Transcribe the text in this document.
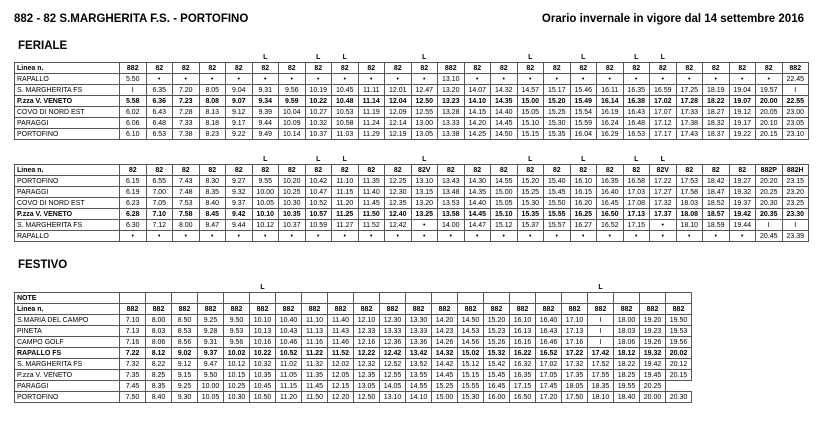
882 - 82 S.MARGHERITA F.S. - PORTOFINO	Orario invernale in vigore dal 14 settembre 2016
FERIALE
						L		L	L			L				L		L		L	L					
Linea n.	882	82	82	82	82	82	82	82	82	82	82	82	882	82	82	82	82	82	82	82	82	82	82	82	82	882
RAPALLO	5.50	•	•	•	•	•	•	•	•	•	•	•	13.10	•	•	•	•	•	•	•	•	•	•	•	•	22.45
S. MARGHERITA FS	I	6.35	7.20	8.05	9.04	9.31	9.56	10.19	10.45	11.11	12.01	12.47	13.20	14.07	14.32	14.57	15.17	15.46	16.11	16.35	16.59	17.25	18.19	19.04	19.57	I
P.zza V. VENETO	5.58	6.36	7.23	8.08	9.07	9.34	9.59	10.22	10.48	11.14	12.04	12.50	13.23	14.10	14.35	15.00	15.20	15.49	16.14	16.38	17.02	17.28	18.22	19.07	20.00	22.55
COVO DI NORD EST	6.02	6.43	7.28	8.13	9.12	9.39	10.04	10.27	10.53	11.19	12.09	12.55	13.28	14.15	14.40	15.05	15.25	15.54	16.19	16.43	17.07	17.33	18.27	19.12	20.05	23.00
PARAGGI	6.06	6.48	7.33	8.18	9.17	9.44	10.09	10.32	10.58	11.24	12.14	13.00	13.33	14.20	14.45	15.10	15.30	15.59	16.24	16.48	17.12	17.38	18.32	19.17	20.10	23.05
PORTOFINO	6.10	6.53	7.38	8.23	9.22	9.49	10.14	10.37	11.03	11.29	12.19	13.05	13.38	14.25	14.50	15.15	15.35	16.04	16.29	16.53	17.17	17.43	18.37	19.22	20.15	23.10
						L		L	L			L				L		L		L	L					
Linea n.	82	82	82	82	82	82	82	82	82	82	82	82V	82	82	82	82	82	82	82	82	82V	82	82	82	882P	882H
PORTOFINO	6.15	6.55	7.43	8.30	9.27	9.55	10.20	10.42	11.10	11.35	12.25	13.10	13.43	14.30	14.55	15.20	15.40	16.10	16.35	16.58	17.22	17.53	18.42	19.27	20.20	23.15
PARAGGI	6.19	7.00	7.48	8.35	9.32	10.00	10.25	10.47	11.15	11.40	12.30	13.15	13.48	14.35	15.00	15.25	15.45	16.15	16.40	17.03	17.27	17.58	18.47	19.32	20.25	23.20
COVO DI NORD EST	6.23	7.05	7.53	8.40	9.37	10.05	10.30	10.52	11.20	11.45	12.35	13.20	13.53	14.40	15.05	15.30	15.50	16.20	16.45	17.08	17.32	18.03	18.52	19.37	20.30	23.25
P.zza V. VENETO	6.28	7.10	7.58	8.45	9.42	10.10	10.35	10.57	11.25	11.50	12.40	13.25	13.58	14.45	15.10	15.35	15.55	16.25	16.50	17.13	17.37	18.08	18.57	19.42	20.35	23.30
S. MARGHERITA FS	6.30	7.12	8.00	8.47	9.44	10.12	10.37	10.59	11.27	11.52	12.42	•	14.00	14.47	15.12	15.37	15.57	16.27	16.52	17.15	•	18.10	18.59	19.44	I	I
RAPALLO	•	•	•	•	•	•	•	•	•	•	•	•	•	•	•	•	•	•	•	•	•	•	•	•	20.45	23.39
FESTIVO
						L													L			
NOTE																						
Linea n.	882	882	882	882	882	882	882	882	882	882	882	882	882	882	882	882	882	882	882	882	882	882
S.MARIA DEL CAMPO	7.10	8.00	8.50	9.25	9.50	10.10	10.40	11.10	11.40	12.10	12.30	13.30	14.20	14.50	15.20	16.10	16.40	17.10	I	18.00	19.20	19.50
PINETA	7.13	8.03	8.53	9.28	9.53	10.13	10.43	11.13	11.43	12.33	13.33	13.33	14.23	14.53	15.23	16.13	16.43	17.13	I	18.03	19.23	19.53
CAMPO GOLF	7.16	8.06	8.56	9.31	9.56	10.16	10.46	11.16	11.46	12.16	12.36	13.36	14.26	14.56	15.26	16.16	16.46	17.16	I	18.06	19.26	19.56
RAPALLO FS	7.22	8.12	9.02	9.37	10.02	10.22	10.52	11.22	11.52	12.22	12.42	13.42	14.32	15.02	15.32	16.22	16.52	17.22	17.42	18.12	19.32	20.02
S. MARGHERITA FS	7.32	8.22	9.12	9.47	10.12	10.32	11.02	11.32	12.02	12.32	12.52	13.52	14.42	15.12	15.42	16.32	17.02	17.32	17.52	18.22	19.42	20.12
P.zza V. VENETO	7.35	8.25	9.15	9.50	10.15	10.35	11.05	11.35	12.05	12.35	12.55	13.55	14.45	15.15	15.45	16.35	17.05	17.35	17.55	18.25	19.45	20.15
PARAGGI	7.45	8.35	9.25	10.00	10.25	10.45	11.15	11.45	12.15	13.05	14.05	14.55	15.25	15.55	16.45	17.15	17.45	18.05	18.35	19.55	20.25	
PORTOFINO	7.50	8.40	9.30	10.05	10.30	10.50	11.20	11.50	12.20	12.50	13.10	14.10	15.00	15.30	16.00	16.50	17.20	17.50	18.10	18.40	20.00	20.30
